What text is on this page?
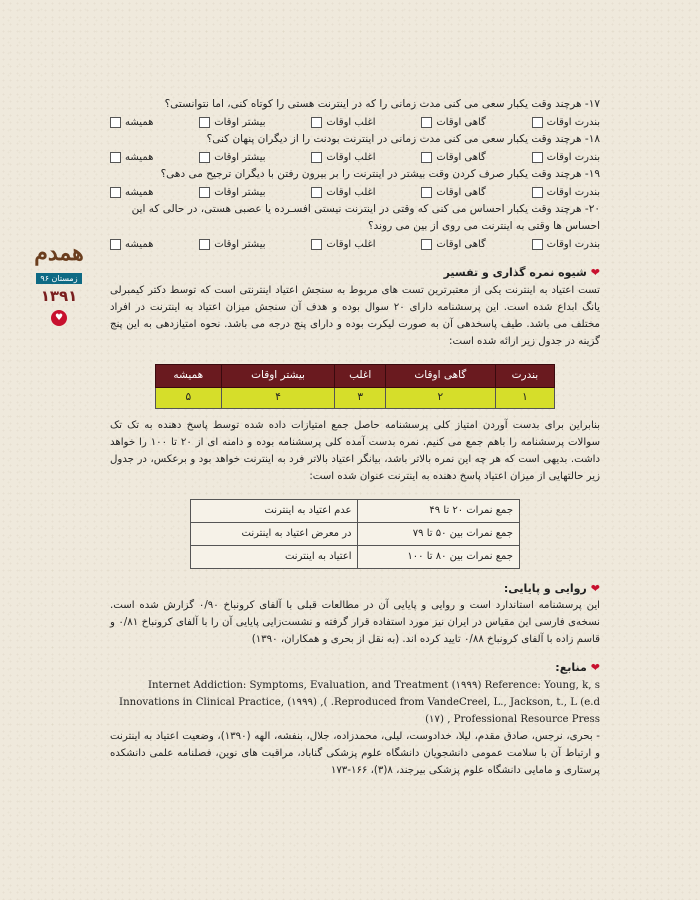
همدم
زمستان ۹۶
۱۳۹۱
♥
۱۷- هرچند وقت یکبار سعی می کنی مدت زمانی را که در اینترنت هستی را کوتاه کنی، اما نتوانستی؟
بندرت اوقات
گاهی اوقات
اغلب اوقات
بیشتر اوقات
همیشه
۱۸- هرچند وقت یکبار سعی می کنی مدت زمانی در اینترنت بودنت را از دیگران پنهان کنی؟
بندرت اوقات
گاهی اوقات
اغلب اوقات
بیشتر اوقات
همیشه
۱۹- هرچند وقت یکبار صرف کردن وقت بیشتر در اینترنت را بر بیرون رفتن با دیگران ترجیح می دهی؟
بندرت اوقات
گاهی اوقات
اغلب اوقات
بیشتر اوقات
همیشه
۲۰- هرچند وقت یکبار احساس می کنی که وقتی در اینترنت نیستی افسـرده یا عصبی هستی، در حالی که این احساس ها وقتی به اینترنت می روی از بین می روند؟
بندرت اوقات
گاهی اوقات
اغلب اوقات
بیشتر اوقات
همیشه
❤
شیوه نمره گذاری و تفسیر

تست اعتیاد به اینترنت یکی از معتبرترین تست های مربوط به سنجش اعتیاد اینترنتی است که توسط دکتر کیمبرلی یانگ ابداع شده است. این پرسشنامه دارای ۲۰ سوال بوده و هدف آن سنجش میزان اعتیاد به اینترنت در افراد مختلف می باشد. طیف پاسخدهی آن به صورت لیکرت بوده و دارای پنج درجه می باشد. نحوه امتیازدهی به این پنج گزینه در جدول زیر ارائه شده است:

بندرت	گاهی اوقات	اغلب	بیشتر اوقات	همیشه
۱	۲	۳	۴	۵

بنابراین برای بدست آوردن امتیاز کلی پرسشنامه حاصل جمع امتیازات داده شده توسط پاسخ دهنده به تک تک سوالات پرسشنامه را باهم جمع می کنیم. نمره بدست آمده کلی پرسشنامه بوده و دامنه ای از ۲۰ تا ۱۰۰ را خواهد داشت. بدیهی است که هر چه این نمره بالاتر باشد، بیانگر اعتیاد بالاتر فرد به اینترنت خواهد بود و برعکس، در جدول زیر حالتهایی از میزان اعتیاد پاسخ دهنده به اینترنت عنوان شده است:

جمع نمرات ۲۰ تا ۴۹	عدم اعتیاد به اینترنت
جمع نمرات بین ۵۰ تا ۷۹	در معرض اعتیاد به اینترنت
جمع نمرات بین ۸۰ تا ۱۰۰	اعتیاد به اینترنت
❤
روایی و پایایی:

این پرسشنامه استاندارد است و روایی و پایایی آن در مطالعات قبلی با آلفای کرونباخ ۰/۹۰ گزارش شده است. نسخه‌ی فارسی این مقیاس در ایران نیز مورد استفاده قرار گرفته و نشست‌زایی پایایی آن را با آلفای کرونباخ ۰/۸۱ و قاسم زاده با آلفای کرونباخ ۰/۸۸ تایید کرده اند. (به نقل از بحری و همکاران، ۱۳۹۰)

❤
منابع:

Internet Addiction: Symptoms, Evaluation, and Treatment (۱۹۹۹) Reference: Young, k, s

Innovations in Clinical Practice, (۱۹۹۹) ,( .Reproduced from VandeCreel, L., Jackson, t., L (e.d

(۱۷) , Professional Resource Press

- بحری، نرجس، صادق مقدم، لیلا، خدادوست، لیلی، محمدزاده، جلال، بنفشه، الهه (۱۳۹۰)، وضعیت اعتیاد به اینترنت و ارتباط آن با سلامت عمومی دانشجویان دانشگاه علوم پزشکی گناباد، مراقبت های نوین، فصلنامه علمی دانشکده پرستاری و مامایی دانشگاه علوم پزشکی بیرجند، ۸(۳)، ۱۶۶-۱۷۳
